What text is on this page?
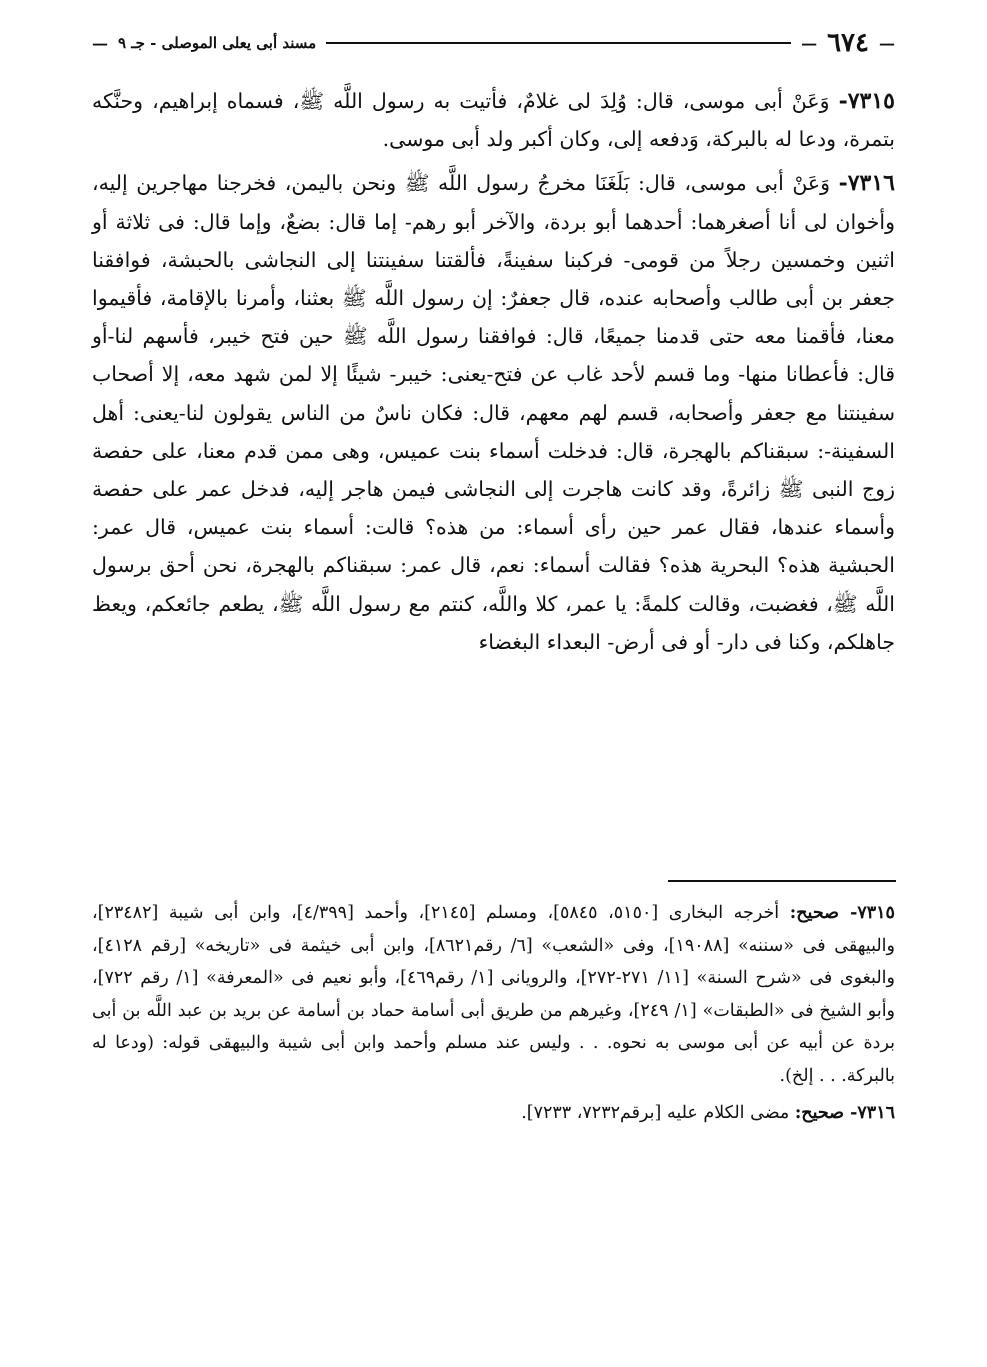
—
٦٧٤
—
مسند أبى يعلى الموصلى - جـ ٩
—

٧٣١٥- وَعَنْ أبى موسى، قال: وُلِدَ لى غلامٌ، فأتيت به رسول اللَّه ﷺ، فسماه إبراهيم، وحنَّكه بتمرة، ودعا له بالبركة، وَدفعه إلى، وكان أكبر ولد أبى موسى.

٧٣١٦- وَعَنْ أبى موسى، قال: بَلَغَنَا مخرجُ رسول اللَّه ﷺ ونحن باليمن، فخرجنا مهاجرين إليه، وأخوان لى أنا أصغرهما: أحدهما أبو بردة، والآخر أبو رهم- إما قال: بضعٌ، وإما قال: فى ثلاثة أو اثنين وخمسين رجلاً من قومى- فركبنا سفينةً، فألقتنا سفينتنا إلى النجاشى بالحبشة، فوافقنا جعفر بن أبى طالب وأصحابه عنده، قال جعفرٌ: إن رسول اللَّه ﷺ بعثنا، وأمرنا بالإقامة، فأقيموا معنا، فأقمنا معه حتى قدمنا جميعًا، قال: فوافقنا رسول اللَّه ﷺ حين فتح خيبر، فأسهم لنا-أو قال: فأعطانا منها- وما قسم لأحد غاب عن فتح-يعنى: خيبر- شيئًا إلا لمن شهد معه، إلا أصحاب سفينتنا مع جعفر وأصحابه، قسم لهم معهم، قال: فكان ناسٌ من الناس يقولون لنا-يعنى: أهل السفينة-: سبقناكم بالهجرة، قال: فدخلت أسماء بنت عميس، وهى ممن قدم معنا، على حفصة زوج النبى ﷺ زائرةً، وقد كانت هاجرت إلى النجاشى فيمن هاجر إليه، فدخل عمر على حفصة وأسماء عندها، فقال عمر حين رأى أسماء: من هذه؟ قالت: أسماء بنت عميس، قال عمر: الحبشية هذه؟ البحرية هذه؟ فقالت أسماء: نعم، قال عمر: سبقناكم بالهجرة، نحن أحق برسول اللَّه ﷺ، فغضبت، وقالت كلمةً: يا عمر، كلا واللَّه، كنتم مع رسول اللَّه ﷺ، يطعم جائعكم، ويعظ جاهلكم، وكنا فى دار- أو فى أرض- البعداء البغضاء

٧٣١٥- صحيح: أخرجه البخارى [٥١٥٠، ٥٨٤٥]، ومسلم [٢١٤٥]، وأحمد [٤/٣٩٩]، وابن أبى شيبة [٢٣٤٨٢]، والبيهقى فى «سننه» [١٩٠٨٨]، وفى «الشعب» [٦/ رقم٨٦٢١]، وابن أبى خيثمة فى «تاريخه» [رقم ٤١٢٨]، والبغوى فى «شرح السنة» [١١/ ٢٧١-٢٧٢]، والرويانى [١/ رقم٤٦٩]، وأبو نعيم فى «المعرفة» [١/ رقم ٧٢٢]، وأبو الشيخ فى «الطبقات» [١/ ٢٤٩]، وغيرهم من طريق أبى أسامة حماد بن أسامة عن بريد بن عبد اللَّه بن أبى بردة عن أبيه عن أبى موسى به نحوه. . . وليس عند مسلم وأحمد وابن أبى شيبة والبيهقى قوله: (ودعا له بالبركة. . . إلخ).

٧٣١٦- صحيح: مضى الكلام عليه [برقم٧٢٣٢، ٧٢٣٣].
